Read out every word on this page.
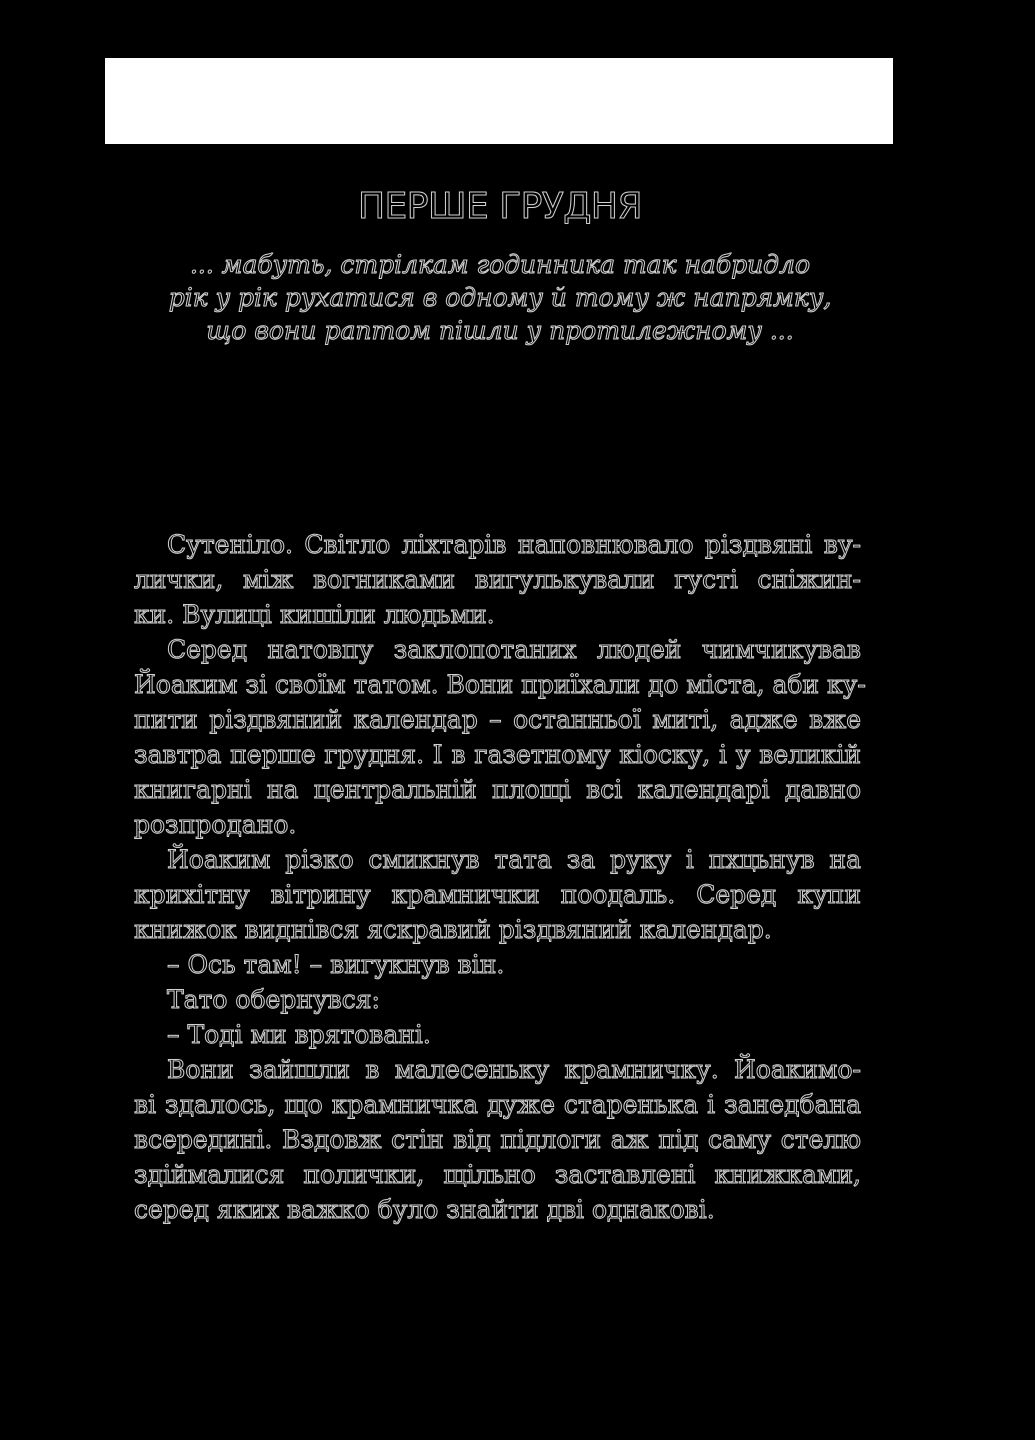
ПЕРШЕ ГРУДНЯ
... мабуть, стрілкам годинника так набридло
рік у рік рухатися в одному й тому ж напрямку,
що вони раптом пішли у протилежному ...
Сутеніло. Світло ліхтарів наповнювало різдвяні ву-
лички, між вогниками вигулькували густі сніжин-
ки. Вулиці кишіли людьми.
Серед натовпу заклопотаних людей чимчикував
Йоаким зі своїм татом. Вони приїхали до міста, аби ку-
пити різдвяний календар – останньої миті, адже вже
завтра перше грудня. І в газетному кіоску, і у великій
книгарні на центральній площі всі календарі давно
розпродано.
Йоаким різко смикнув тата за руку і пхцьнув на
крихітну вітрину крамнички поодаль. Серед купи
книжок виднівся яскравий різдвяний календар.
– Ось там! – вигукнув він.
Тато обернувся:
– Тоді ми врятовані.
Вони зайшли в малесеньку крамничку. Йоакимо-
ві здалось, що крамничка дуже старенька і занедбана
всередині. Вздовж стін від підлоги аж під саму стелю
здіймалися полички, щільно заставлені книжками,
серед яких важко було знайти дві однакові.
